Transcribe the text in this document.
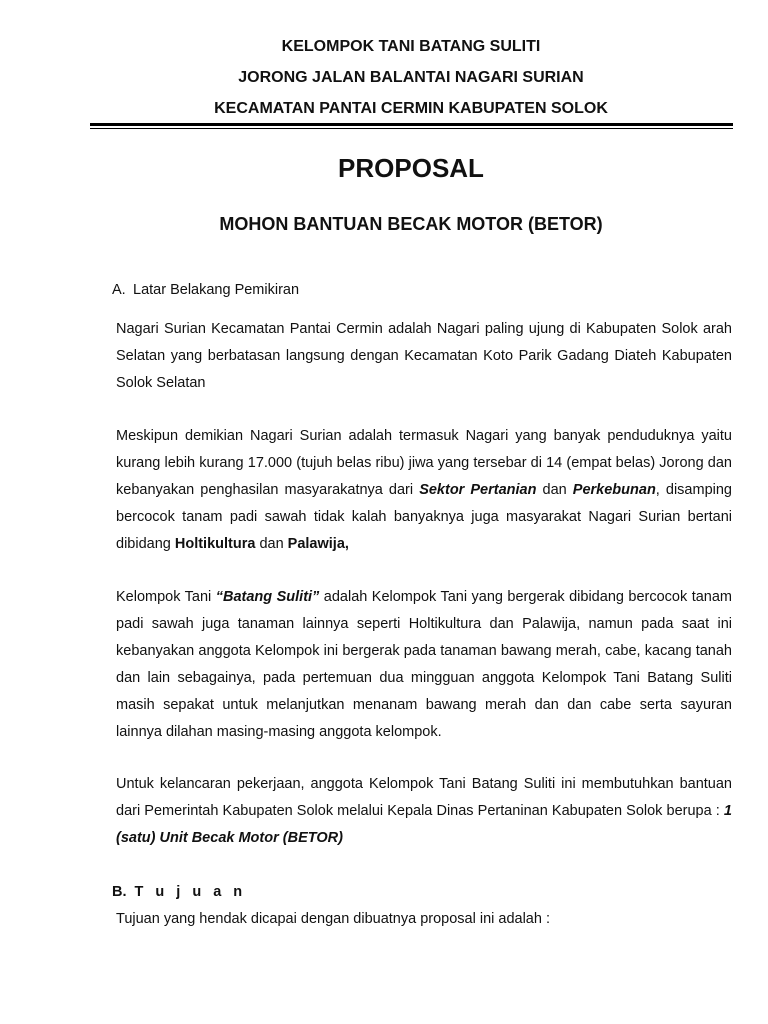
KELOMPOK TANI BATANG SULITI

JORONG JALAN BALANTAI NAGARI SURIAN

KECAMATAN PANTAI CERMIN KABUPATEN SOLOK

PROPOSAL
MOHON BANTUAN BECAK MOTOR (BETOR)

A. Latar Belakang Pemikiran

Nagari Surian Kecamatan Pantai Cermin adalah Nagari paling ujung di Kabupaten Solok arah Selatan yang berbatasan langsung dengan Kecamatan Koto Parik Gadang Diateh Kabupaten Solok Selatan

Meskipun demikian Nagari Surian adalah termasuk Nagari yang banyak penduduknya yaitu kurang lebih kurang 17.000 (tujuh belas ribu) jiwa yang tersebar di 14 (empat belas) Jorong dan kebanyakan penghasilan masyarakatnya dari Sektor Pertanian dan Perkebunan, disamping bercocok tanam padi sawah tidak kalah banyaknya juga masyarakat Nagari Surian bertani dibidang Holtikultura dan Palawija,

Kelompok Tani “Batang Suliti” adalah Kelompok Tani yang bergerak dibidang bercocok tanam padi sawah juga tanaman lainnya seperti Holtikultura dan Palawija, namun pada saat ini kebanyakan anggota Kelompok ini bergerak pada tanaman bawang merah, cabe, kacang tanah dan lain sebagainya, pada pertemuan dua mingguan anggota Kelompok Tani Batang Suliti masih sepakat untuk melanjutkan menanam bawang merah dan dan cabe serta sayuran lainnya dilahan masing-masing anggota kelompok.

Untuk kelancaran pekerjaan, anggota Kelompok Tani Batang Suliti ini membutuhkan bantuan dari Pemerintah Kabupaten Solok melalui Kepala Dinas Pertaninan Kabupaten Solok berupa : 1 (satu) Unit Becak Motor (BETOR)

B. T u j u a n

Tujuan yang hendak dicapai dengan dibuatnya proposal ini adalah :
